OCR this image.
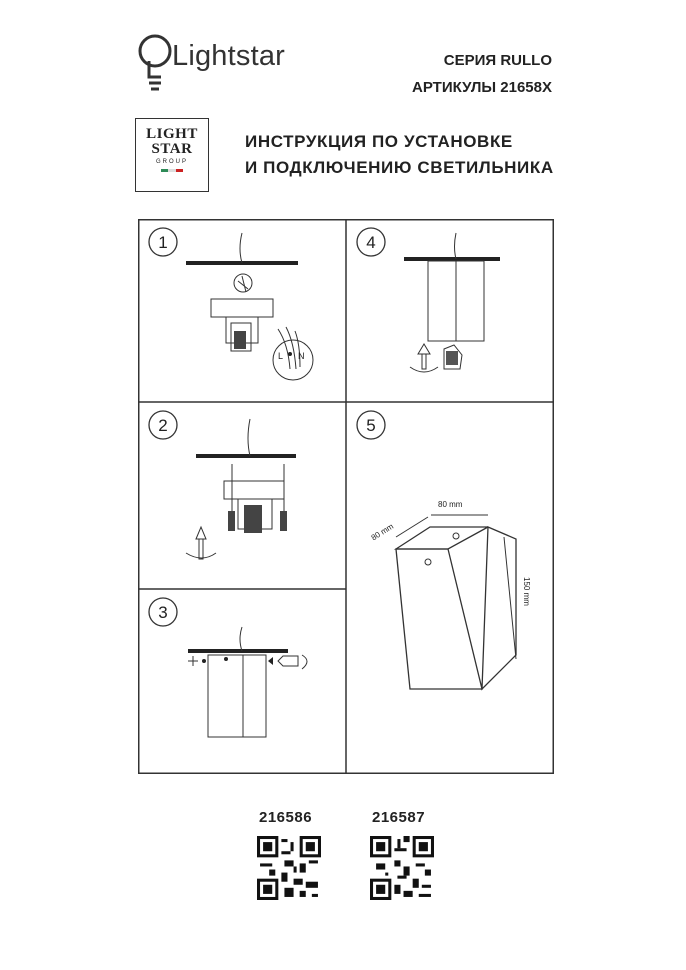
Lightstar	СЕРИЯ RULLO
АРТИКУЛЫ 21658X
LIGHT
STAR
GROUP
ИНСТРУКЦИЯ ПО УСТАНОВКЕ
И ПОДКЛЮЧЕНИЮ СВЕТИЛЬНИКА
1
L N
4
2
3
5
80 mm
80 mm
150 mm
216586	216587
